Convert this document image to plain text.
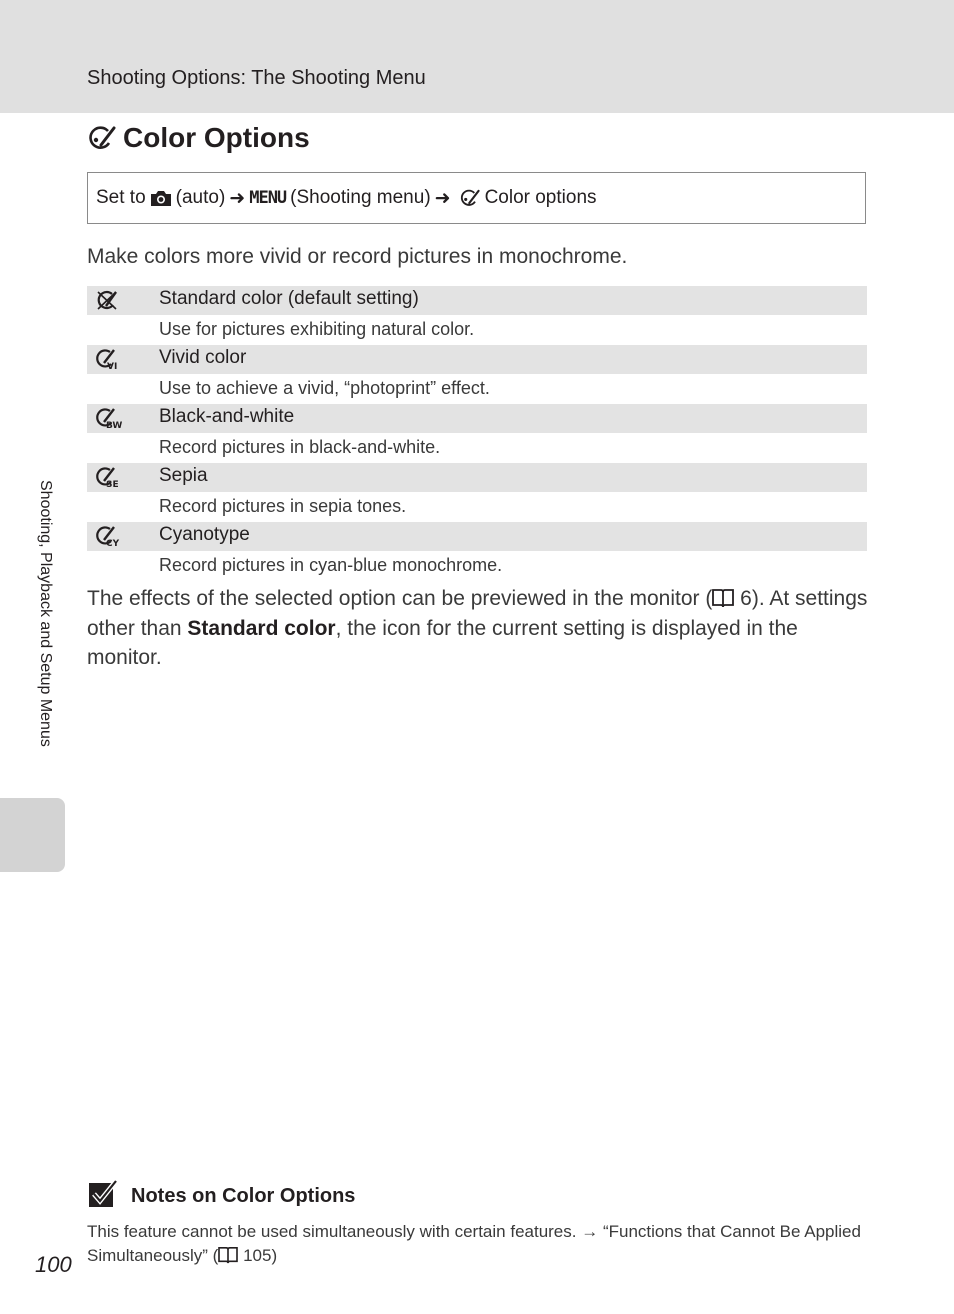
Shooting Options: The Shooting Menu
Color Options
Set to (auto) ➜ MENU (Shooting menu) ➜ Color options
Make colors more vivid or record pictures in monochrome.
Standard color (default setting)
Use for pictures exhibiting natural color.
VI Vivid color
Use to achieve a vivid, “photoprint” effect.
BW Black-and-white
Record pictures in black-and-white.
SE Sepia
Record pictures in sepia tones.
CY Cyanotype
Record pictures in cyan-blue monochrome.

The effects of the selected option can be previewed in the monitor ( 6). At settings other than Standard color, the icon for the current setting is displayed in the monitor.

Shooting, Playback and Setup Menus
Notes on Color Options

This feature cannot be used simultaneously with certain features. → “Functions that Cannot Be Applied Simultaneously” ( 105)

100
